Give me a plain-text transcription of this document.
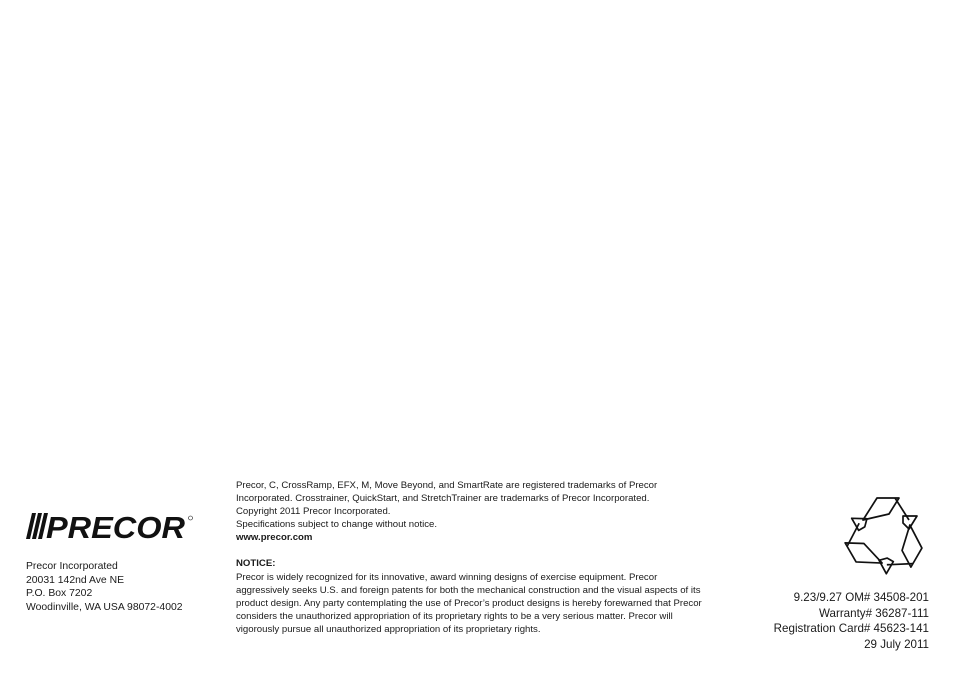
PRECOR
Precor Incorporated
20031 142nd Ave NE
P.O. Box 7202
Woodinville, WA USA 98072-4002

Precor, C, CrossRamp, EFX, M, Move Beyond, and SmartRate are registered trademarks of Precor Incorporated. Crosstrainer, QuickStart, and StretchTrainer are trademarks of Precor Incorporated.

Copyright 2011 Precor Incorporated.

Specifications subject to change without notice.

www.precor.com

NOTICE:

Precor is widely recognized for its innovative, award winning designs of exercise equipment. Precor aggressively seeks U.S. and foreign patents for both the mechanical construction and the visual aspects of its product design. Any party contemplating the use of Precor’s product designs is hereby forewarned that Precor considers the unauthorized appropriation of its proprietary rights to be a very serious matter. Precor will vigorously pursue all unauthorized appropriation of its proprietary rights.

9.23/9.27 OM# 34508-201
Warranty# 36287-111
Registration Card# 45623-141
29 July 2011
